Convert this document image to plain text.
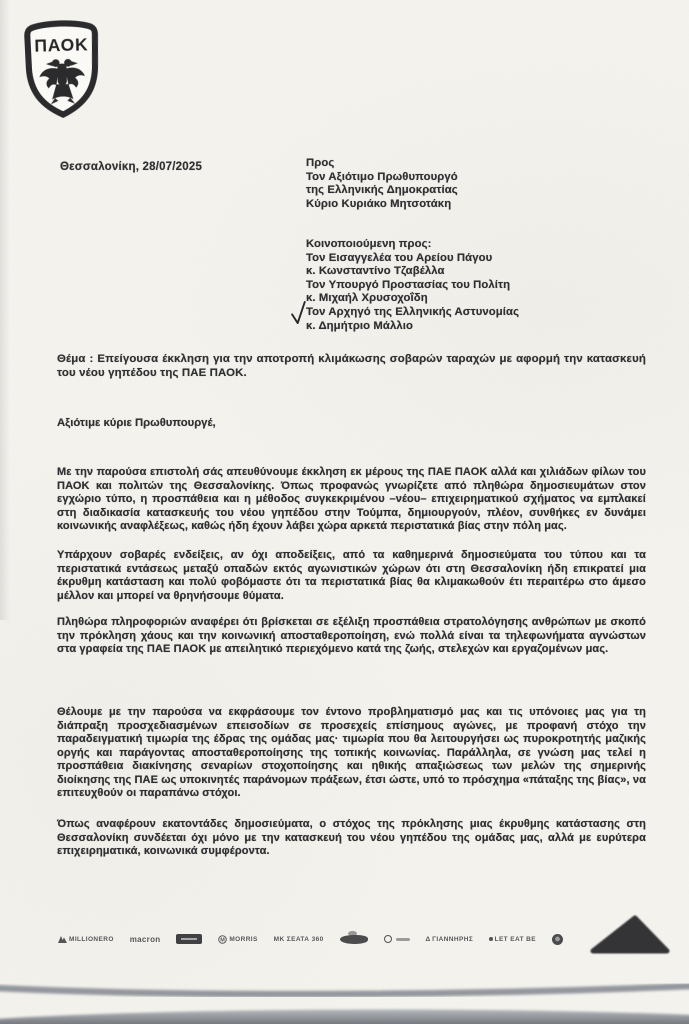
ΠΑΟΚ
Θεσσαλονίκη, 28/07/2025	Προς
Τον Αξιότιμο Πρωθυπουργό
της Ελληνικής Δημοκρατίας
Κύριο Κυριάκο Μητσοτάκη
Κοινοποιούμενη προς:
Τον Εισαγγελέα του Αρείου Πάγου
κ. Κωνσταντίνο Τζαβέλλα
Τον Υπουργό Προστασίας του Πολίτη
κ. Μιχαήλ Χρυσοχοΐδη
Τον Αρχηγό της Ελληνικής Αστυνομίας
κ. Δημήτριο Μάλλιο
Θέμα : Επείγουσα έκκληση για την αποτροπή κλιμάκωσης σοβαρών ταραχών με αφορμή την κατασκευή του νέου γηπέδου της ΠΑΕ ΠΑΟΚ.
Αξιότιμε κύριε Πρωθυπουργέ,
Με την παρούσα επιστολή σάς απευθύνουμε έκκληση εκ μέρους της ΠΑΕ ΠΑΟΚ αλλά και χιλιάδων φίλων του ΠΑΟΚ και πολιτών της Θεσσαλονίκης. Όπως προφανώς γνωρίζετε από πληθώρα δημοσιευμάτων στον εγχώριο τύπο, η προσπάθεια και η μέθοδος συγκεκριμένου –νέου– επιχειρηματικού σχήματος να εμπλακεί στη διαδικασία κατασκευής του νέου γηπέδου στην Τούμπα, δημιουργούν, πλέον, συνθήκες εν δυνάμει κοινωνικής αναφλέξεως, καθώς ήδη έχουν λάβει χώρα αρκετά περιστατικά βίας στην πόλη μας.
Υπάρχουν σοβαρές ενδείξεις, αν όχι αποδείξεις, από τα καθημερινά δημοσιεύματα του τύπου και τα περιστατικά εντάσεως μεταξύ οπαδών εκτός αγωνιστικών χώρων ότι στη Θεσσαλονίκη ήδη επικρατεί μια έκρυθμη κατάσταση και πολύ φοβόμαστε ότι τα περιστατικά βίας θα κλιμακωθούν έτι περαιτέρω στο άμεσο μέλλον και μπορεί να θρηνήσουμε θύματα.
Πληθώρα πληροφοριών αναφέρει ότι βρίσκεται σε εξέλιξη προσπάθεια στρατολόγησης ανθρώπων με σκοπό την πρόκληση χάους και την κοινωνική αποσταθεροποίηση, ενώ πολλά είναι τα τηλεφωνήματα αγνώστων στα γραφεία της ΠΑΕ ΠΑΟΚ με απειλητικό περιεχόμενο κατά της ζωής, στελεχών και εργαζομένων μας.
Θέλουμε με την παρούσα να εκφράσουμε τον έντονο προβληματισμό μας και τις υπόνοιες μας για τη διάπραξη προσχεδιασμένων επεισοδίων σε προσεχείς επίσημους αγώνες, με προφανή στόχο την παραδειγματική τιμωρία της έδρας της ομάδας μας· τιμωρία που θα λειτουργήσει ως πυροκροτητής μαζικής οργής και παράγοντας αποσταθεροποίησης της τοπικής κοινωνίας. Παράλληλα, σε γνώση μας τελεί η προσπάθεια διακίνησης σεναρίων στοχοποίησης και ηθικής απαξιώσεως των μελών της σημερινής διοίκησης της ΠΑΕ ως υποκινητές παράνομων πράξεων, έτσι ώστε, υπό το πρόσχημα «πάταξης της βίας», να επιτευχθούν οι παραπάνω στόχοι.
Όπως αναφέρουν εκατοντάδες δημοσιεύματα, ο στόχος της πρόκλησης μιας έκρυθμης κατάστασης στη Θεσσαλονίκη συνδέεται όχι μόνο με την κατασκευή του νέου γηπέδου της ομάδας μας, αλλά με ευρύτερα επιχειρηματικά, κοινωνικά συμφέροντα.
MILLIONERO macron	M MORRIS ΜΚ ΣΕΑΤΑ 360	Δ ΓΙΑΝΝΗΡΗΣ	LET EAT BE
